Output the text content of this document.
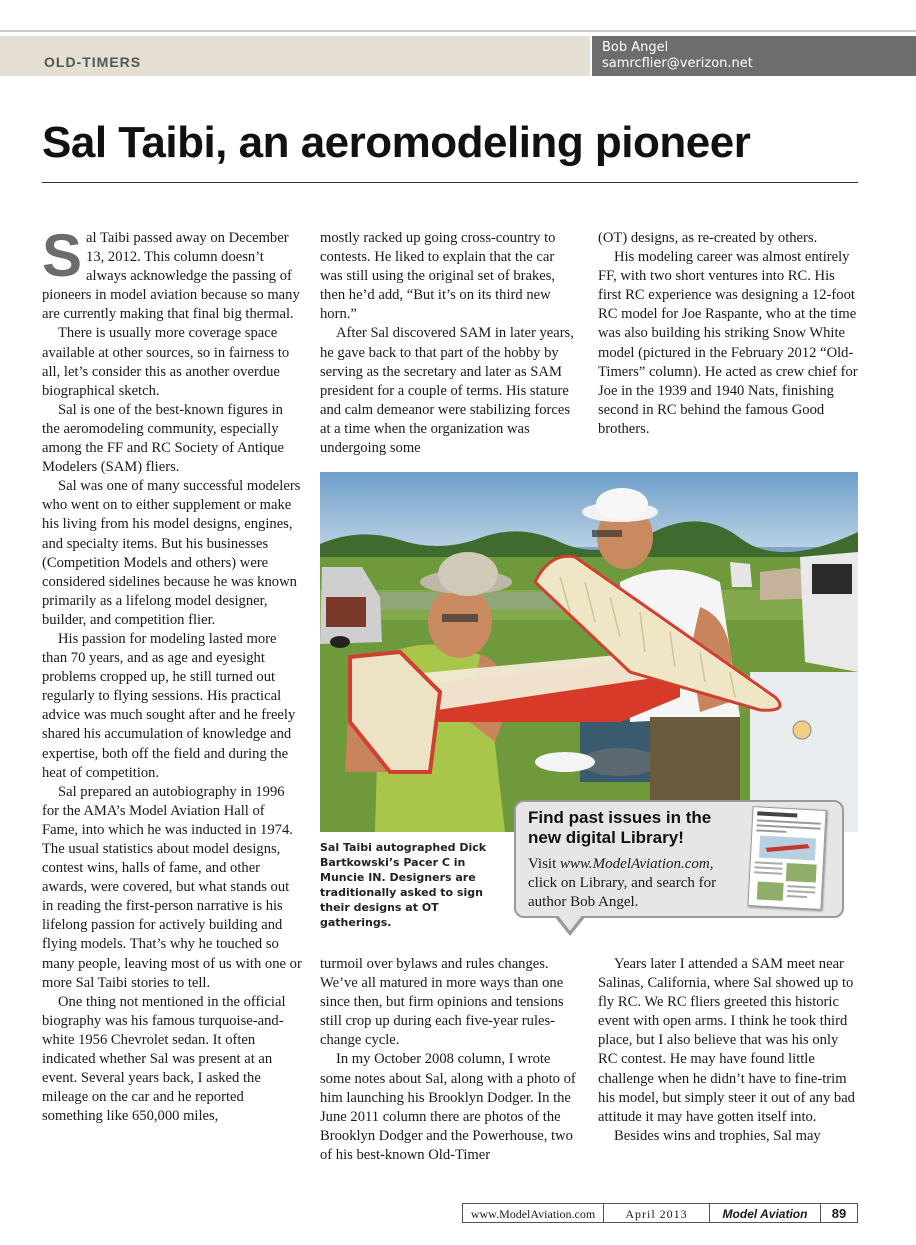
OLD-TIMERS
Bob Angel
samrcflier@verizon.net
Sal Taibi, an aeromodeling pioneer

Sal Taibi passed away on December 13, 2012. This column doesn’t always acknowledge the passing of pioneers in model aviation because so many are currently making that final big thermal.

There is usually more coverage space available at other sources, so in fairness to all, let’s consider this as another overdue biographical sketch.

Sal is one of the best-known figures in the aeromodeling community, especially among the FF and RC Society of Antique Modelers (SAM) fliers.

Sal was one of many successful modelers who went on to either supplement or make his living from his model designs, engines, and specialty items. But his businesses (Competition Models and others) were considered sidelines because he was known primarily as a lifelong model designer, builder, and competition flier.

His passion for modeling lasted more than 70 years, and as age and eyesight problems cropped up, he still turned out regularly to flying sessions. His practical advice was much sought after and he freely shared his accumulation of knowledge and expertise, both off the field and during the heat of competition.

Sal prepared an autobiography in 1996 for the AMA’s Model Aviation Hall of Fame, into which he was inducted in 1974. The usual statistics about model designs, contest wins, halls of fame, and other awards, were covered, but what stands out in reading the first-person narrative is his lifelong passion for actively building and flying models. That’s why he touched so many people, leaving most of us with one or more Sal Taibi stories to tell.

One thing not mentioned in the official biography was his famous turquoise-and-white 1956 Chevrolet sedan. It often indicated whether Sal was present at an event. Several years back, I asked the mileage on the car and he reported something like 650,000 miles,

mostly racked up going cross-country to contests. He liked to explain that the car was still using the original set of brakes, then he’d add, “But it’s on its third new horn.”

After Sal discovered SAM in later years, he gave back to that part of the hobby by serving as the secretary and later as SAM president for a couple of terms. His stature and calm demeanor were stabilizing forces at a time when the organization was undergoing some

(OT) designs, as re-created by others.

His modeling career was almost entirely FF, with two short ventures into RC. His first RC experience was designing a 12-foot RC model for Joe Raspante, who at the time was also building his striking Snow White model (pictured in the February 2012 “Old-Timers” column). He acted as crew chief for Joe in the 1939 and 1940 Nats, finishing second in RC behind the famous Good brothers.

Sal Taibi autographed Dick Bartkowski’s Pacer C in Muncie IN. Designers are traditionally asked to sign their designs at OT gatherings.
Find past issues in the new digital Library!
Visit www.ModelAviation.com, click on Library, and search for author Bob Angel.

turmoil over bylaws and rules changes. We’ve all matured in more ways than one since then, but firm opinions and tensions still crop up during each five-year rules-change cycle.

In my October 2008 column, I wrote some notes about Sal, along with a photo of him launching his Brooklyn Dodger. In the June 2011 column there are photos of the Brooklyn Dodger and the Powerhouse, two of his best-known Old-Timer

Years later I attended a SAM meet near Salinas, California, where Sal showed up to fly RC. We RC fliers greeted this historic event with open arms. I think he took third place, but I also believe that was his only RC contest. He may have found little challenge when he didn’t have to fine-trim his model, but simply steer it out of any bad attitude it may have gotten itself into.

Besides wins and trophies, Sal may

www.ModelAviation.com	April 2013	Model Aviation	89
